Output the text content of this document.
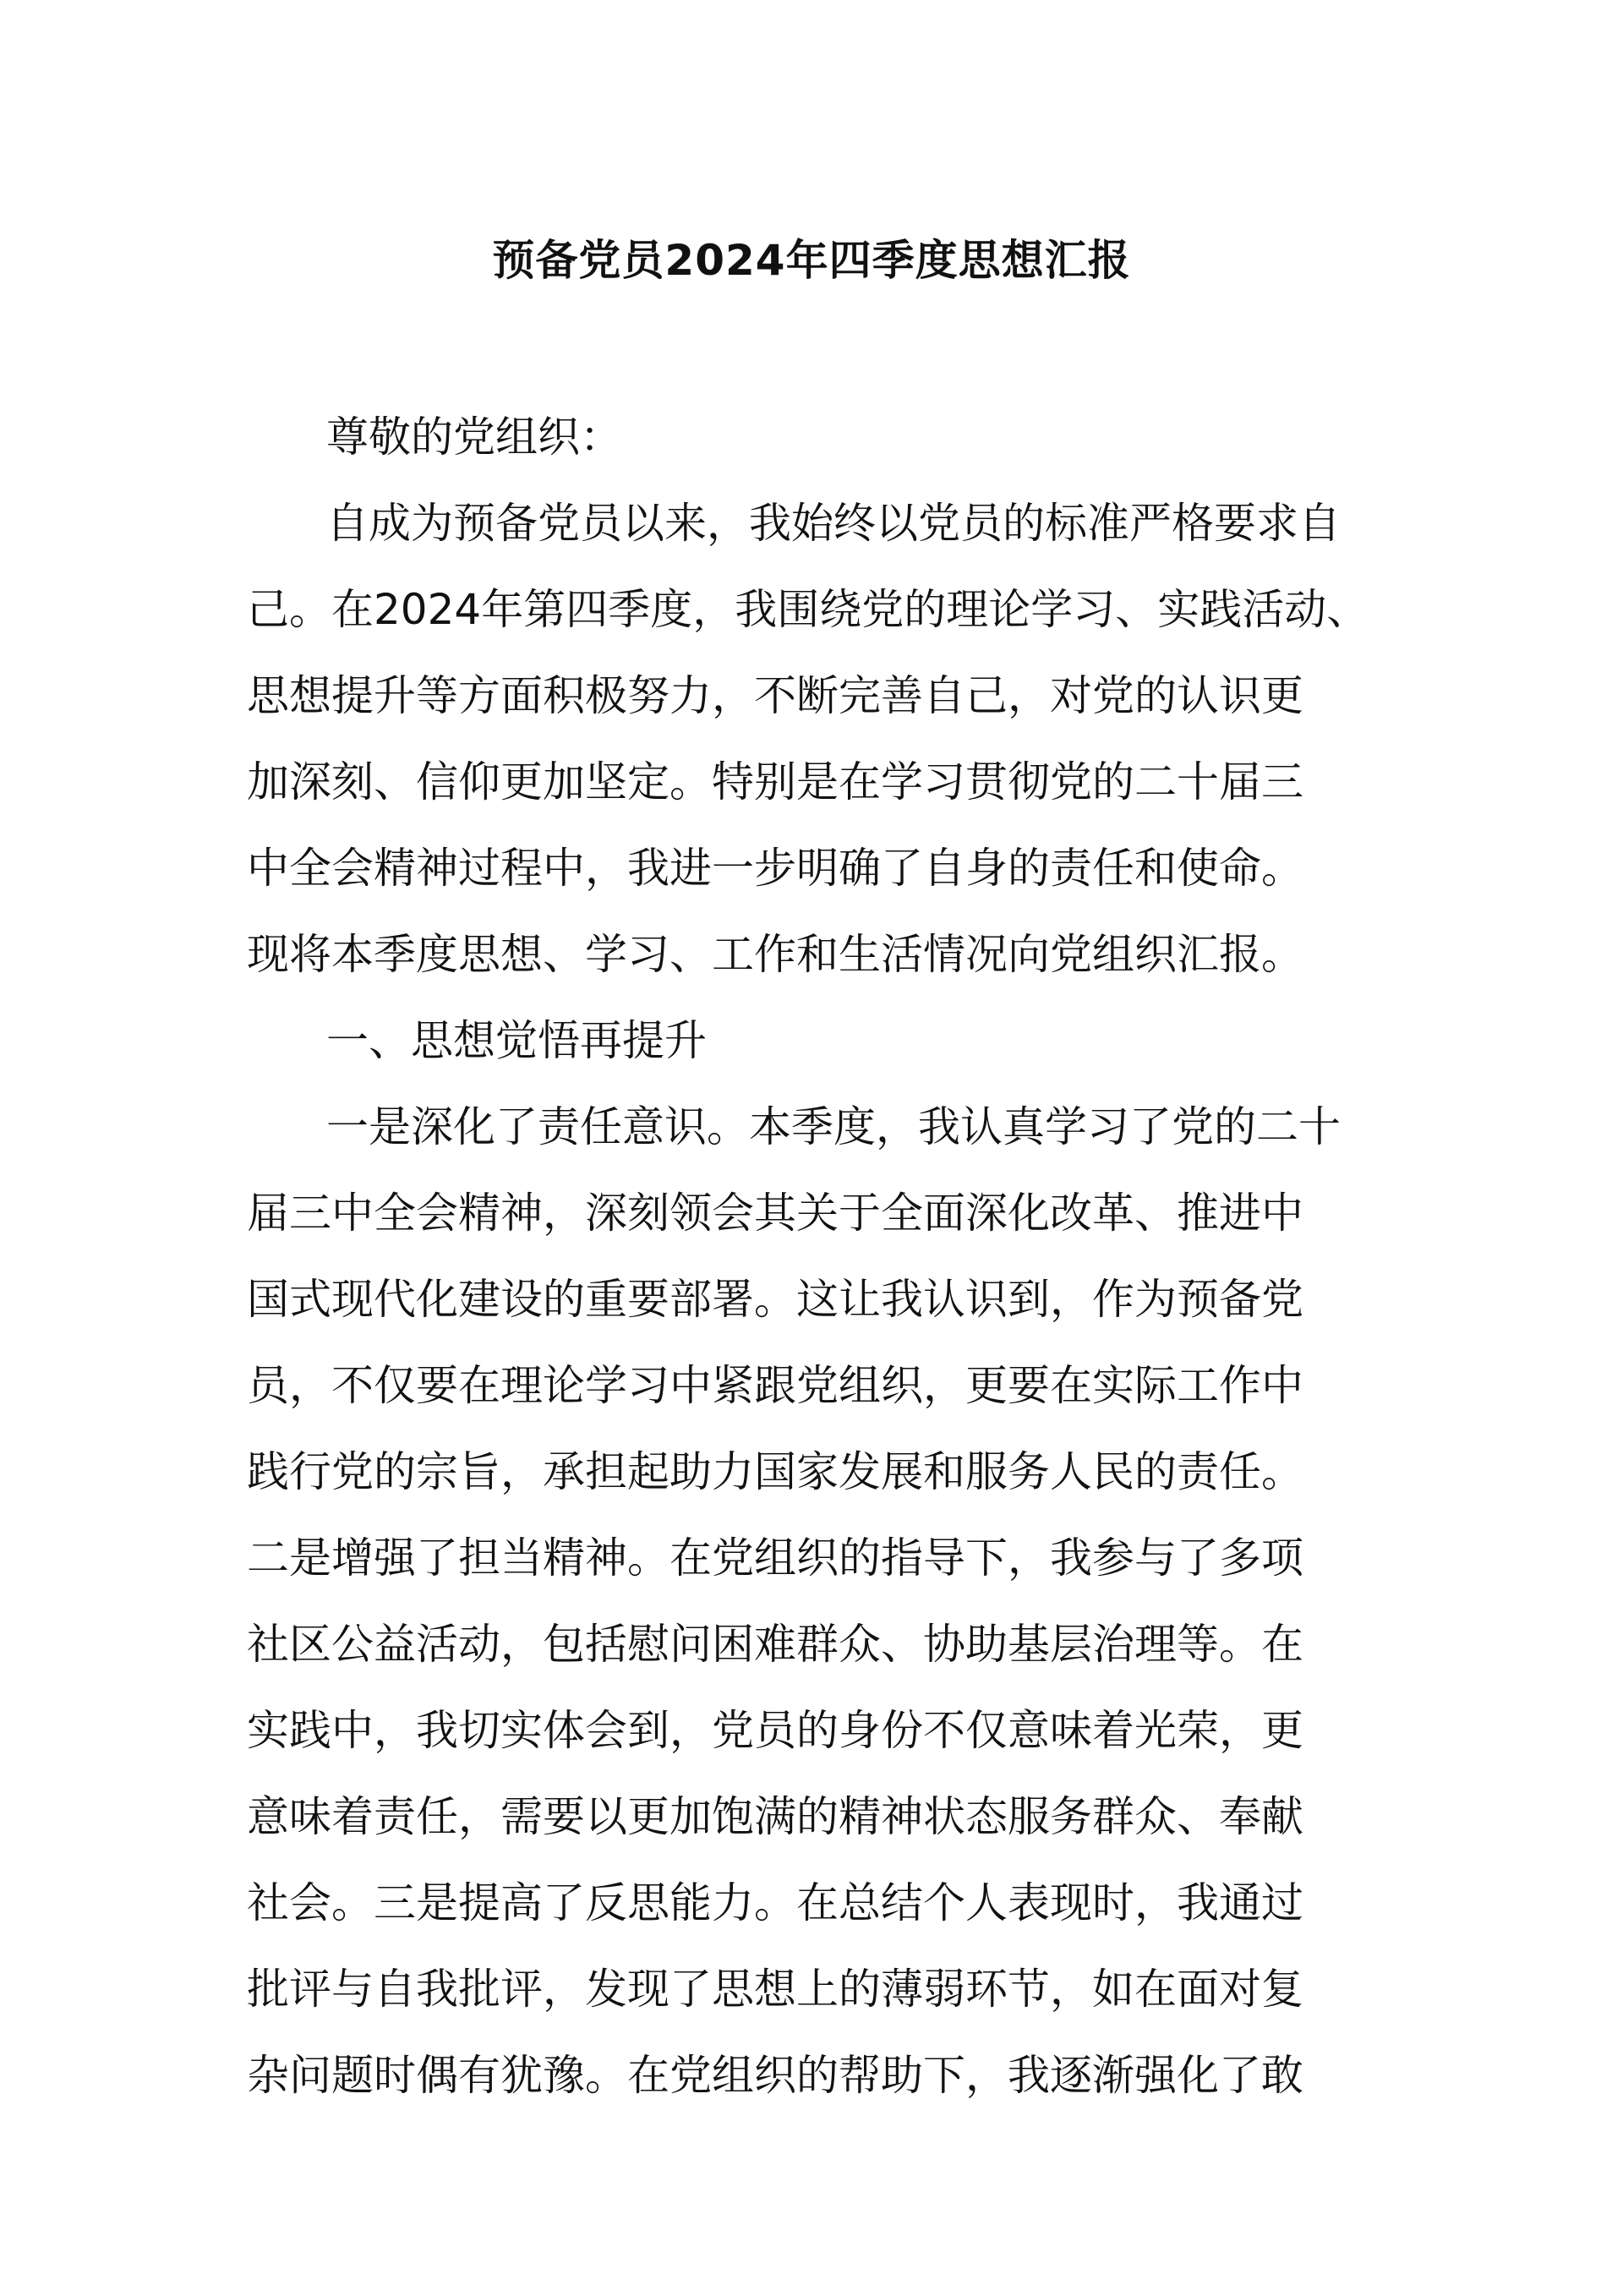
预备党员2024年四季度思想汇报
尊敬的党组织：
自成为预备党员以来，我始终以党员的标准严格要求自
己。在2024年第四季度，我围绕党的理论学习、实践活动、
思想提升等方面积极努力，不断完善自己，对党的认识更
加深刻、信仰更加坚定。特别是在学习贯彻党的二十届三
中全会精神过程中，我进一步明确了自身的责任和使命。
现将本季度思想、学习、工作和生活情况向党组织汇报。
一、思想觉悟再提升
一是深化了责任意识。本季度，我认真学习了党的二十
届三中全会精神，深刻领会其关于全面深化改革、推进中
国式现代化建设的重要部署。这让我认识到，作为预备党
员，不仅要在理论学习中紧跟党组织，更要在实际工作中
践行党的宗旨，承担起助力国家发展和服务人民的责任。
二是增强了担当精神。在党组织的指导下，我参与了多项
社区公益活动，包括慰问困难群众、协助基层治理等。在
实践中，我切实体会到，党员的身份不仅意味着光荣，更
意味着责任，需要以更加饱满的精神状态服务群众、奉献
社会。三是提高了反思能力。在总结个人表现时，我通过
批评与自我批评，发现了思想上的薄弱环节，如在面对复
杂问题时偶有犹豫。在党组织的帮助下，我逐渐强化了敢
